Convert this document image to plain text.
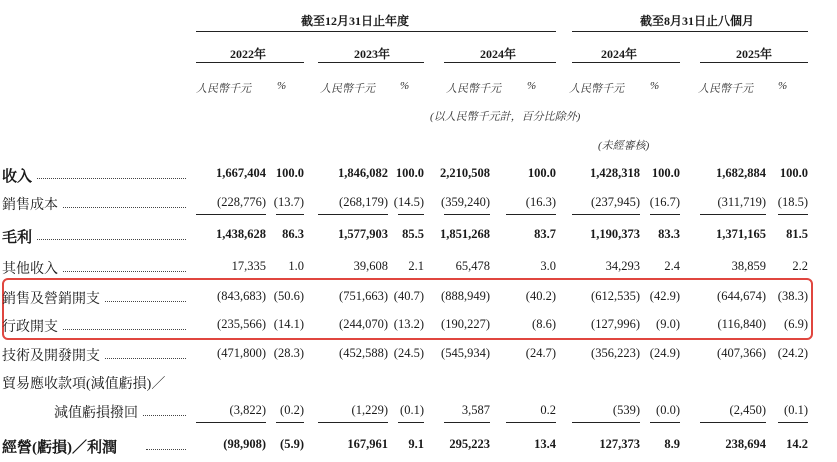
截至12月31日止年度	截至8月31日止八個月
2022年	2023年	2024年	2024年	2025年
人民幣千元 %	人民幣千元 %	人民幣千元 %	人民幣千元 %	人民幣千元 %
(以人民幣千元計，百分比除外)
(未經審核)
收入	1,667,404 100.0	1,846,082 100.0	2,210,508	100.0	1,428,318 100.0	1,682,884	100.0
銷售成本	(228,776) (13.7)	(268,179) (14.5)	(359,240)	(16.3)	(237,945) (16.7)	(311,719) (18.5)
毛利	1,438,628	86.3	1,577,903	85.5	1,851,268	83.7	1,190,373	83.3	1,371,165	81.5
其他收入	17,335	1.0	39,608	2.1	65,478	3.0	34,293	2.4	38,859	2.2
銷售及營銷開支	(843,683) (50.6)	(751,663) (40.7)	(888,949)	(40.2)	(612,535) (42.9)	(644,674) (38.3)
行政開支	(235,566) (14.1)	(244,070) (13.2)	(190,227)	(8.6)	(127,996)	(9.0)	(116,840)	(6.9)
技術及開發開支	(471,800) (28.3)	(452,588) (24.5)	(545,934)	(24.7)	(356,223) (24.9)	(407,366) (24.2)
貿易應收款項(減值虧損)／
減值虧損撥回	(3,822)	(0.2)	(1,229) (0.1)	3,587	0.2	(539)	(0.0)	(2,450)	(0.1)
經營(虧損)／利潤	(98,908)	(5.9)	167,961	9.1	295,223	13.4	127,373	8.9	238,694	14.2
